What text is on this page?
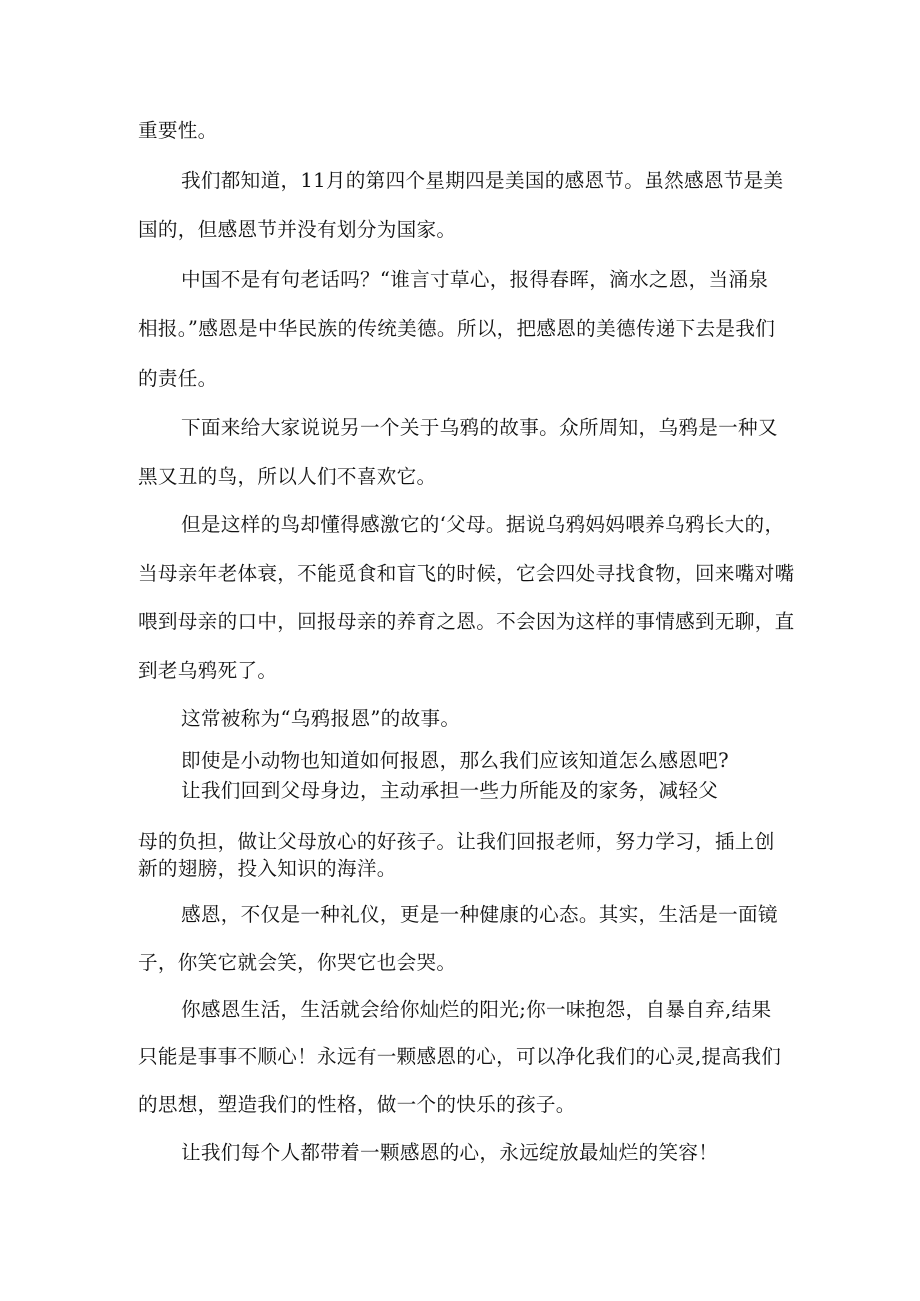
重要性。
我们都知道，11月的第四个星期四是美国的感恩节。虽然感恩节是美
国的，但感恩节并没有划分为国家。
中国不是有句老话吗？“谁言寸草心，报得春晖，滴水之恩，当涌泉
相报。”感恩是中华民族的传统美德。所以，把感恩的美德传递下去是我们
的责任。
下面来给大家说说另一个关于乌鸦的故事。众所周知，乌鸦是一种又
黑又丑的鸟，所以人们不喜欢它。
但是这样的鸟却懂得感激它的‘父母。据说乌鸦妈妈喂养乌鸦长大的，
当母亲年老体衰，不能觅食和盲飞的时候，它会四处寻找食物，回来嘴对嘴
喂到母亲的口中，回报母亲的养育之恩。不会因为这样的事情感到无聊，直
到老乌鸦死了。
这常被称为“乌鸦报恩”的故事。
即使是小动物也知道如何报恩，那么我们应该知道怎么感恩吧?
让我们回到父母身边，主动承担一些力所能及的家务，减轻父
母的负担，做让父母放心的好孩子。让我们回报老师，努力学习，插上创
新的翅膀，投入知识的海洋。
感恩，不仅是一种礼仪，更是一种健康的心态。其实，生活是一面镜
子，你笑它就会笑，你哭它也会哭。
你感恩生活，生活就会给你灿烂的阳光;你一味抱怨，自暴自弃,结果
只能是事事不顺心！永远有一颗感恩的心，可以净化我们的心灵,提高我们
的思想，塑造我们的性格，做一个的快乐的孩子。
让我们每个人都带着一颗感恩的心，永远绽放最灿烂的笑容！
